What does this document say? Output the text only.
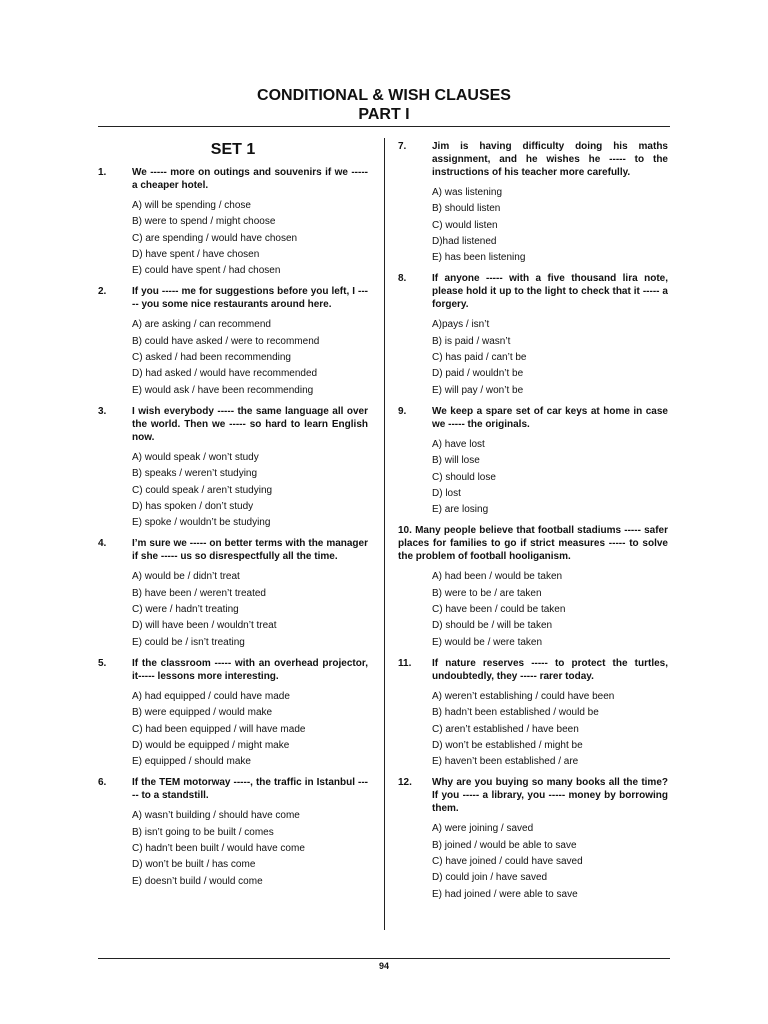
CONDITIONAL & WISH CLAUSES
PART I
SET 1
1.	We ----- more on outings and souvenirs if we ----- a cheaper hotel.
A) will be spending / chose
B) were to spend / might choose
C) are spending / would have chosen
D) have spent / have chosen
E) could have spent / had chosen
2.	If you ----- me for suggestions before you left, I ----- you some nice restaurants around here.
A) are asking / can recommend
B) could have asked / were to recommend
C) asked / had been recommending
D) had asked / would have recommended
E) would ask / have been recommending
3.	I wish everybody ----- the same language all over the world. Then we ----- so hard to learn English now.
A) would speak / won’t study
B) speaks / weren’t studying
C) could speak / aren’t studying
D) has spoken / don’t study
E) spoke / wouldn’t be studying
4.	I’m sure we ----- on better terms with the manager if she ----- us so disrespectfully all the time.
A) would be / didn’t treat
B) have been / weren’t treated
C) were / hadn’t treating
D) will have been / wouldn’t treat
E) could be / isn’t treating
5.	If the classroom ----- with an overhead projector, it----- lessons more interesting.
A) had equipped / could have made
B) were equipped / would make
C) had been equipped / will have made
D) would be equipped / might make
E) equipped / should make
6.	If the TEM motorway -----, the traffic in Istanbul ----- to a standstill.
A) wasn’t building / should have come
B) isn’t going to be built / comes
C) hadn’t been built / would have come
D) won’t be built / has come
E) doesn’t build / would come
7.	Jim is having difficulty doing his maths assignment, and he wishes he ----- to the instructions of his teacher more carefully.
A) was listening
B) should listen
C) would listen
D)had listened
E) has been listening
8.	If anyone ----- with a five thousand lira note, please hold it up to the light to check that it ----- a forgery.
A)pays / isn’t
B) is paid / wasn’t
C) has paid / can’t be
D) paid / wouldn’t be
E) will pay / won’t be
9.	We keep a spare set of car keys at home in case we ----- the originals.
A) have lost
B) will lose
C) should lose
D) lost
E) are losing
10. Many people believe that football stadiums ----- safer places for families to go if strict measures ----- to solve the problem of football hooliganism.
A) had been / would be taken
B) were to be / are taken
C) have been / could be taken
D) should be / will be taken
E) would be / were taken
11.	If nature reserves ----- to protect the turtles, undoubtedly, they ----- rarer today.
A) weren’t establishing / could have been
B) hadn’t been established / would be
C) aren’t established / have been
D) won’t be established / might be
E) haven’t been established / are
12.	Why are you buying so many books all the time? If you ----- a library, you ----- money by borrowing them.
A) were joining / saved
B) joined / would be able to save
C) have joined / could have saved
D) could join / have saved
E) had joined / were able to save
94
